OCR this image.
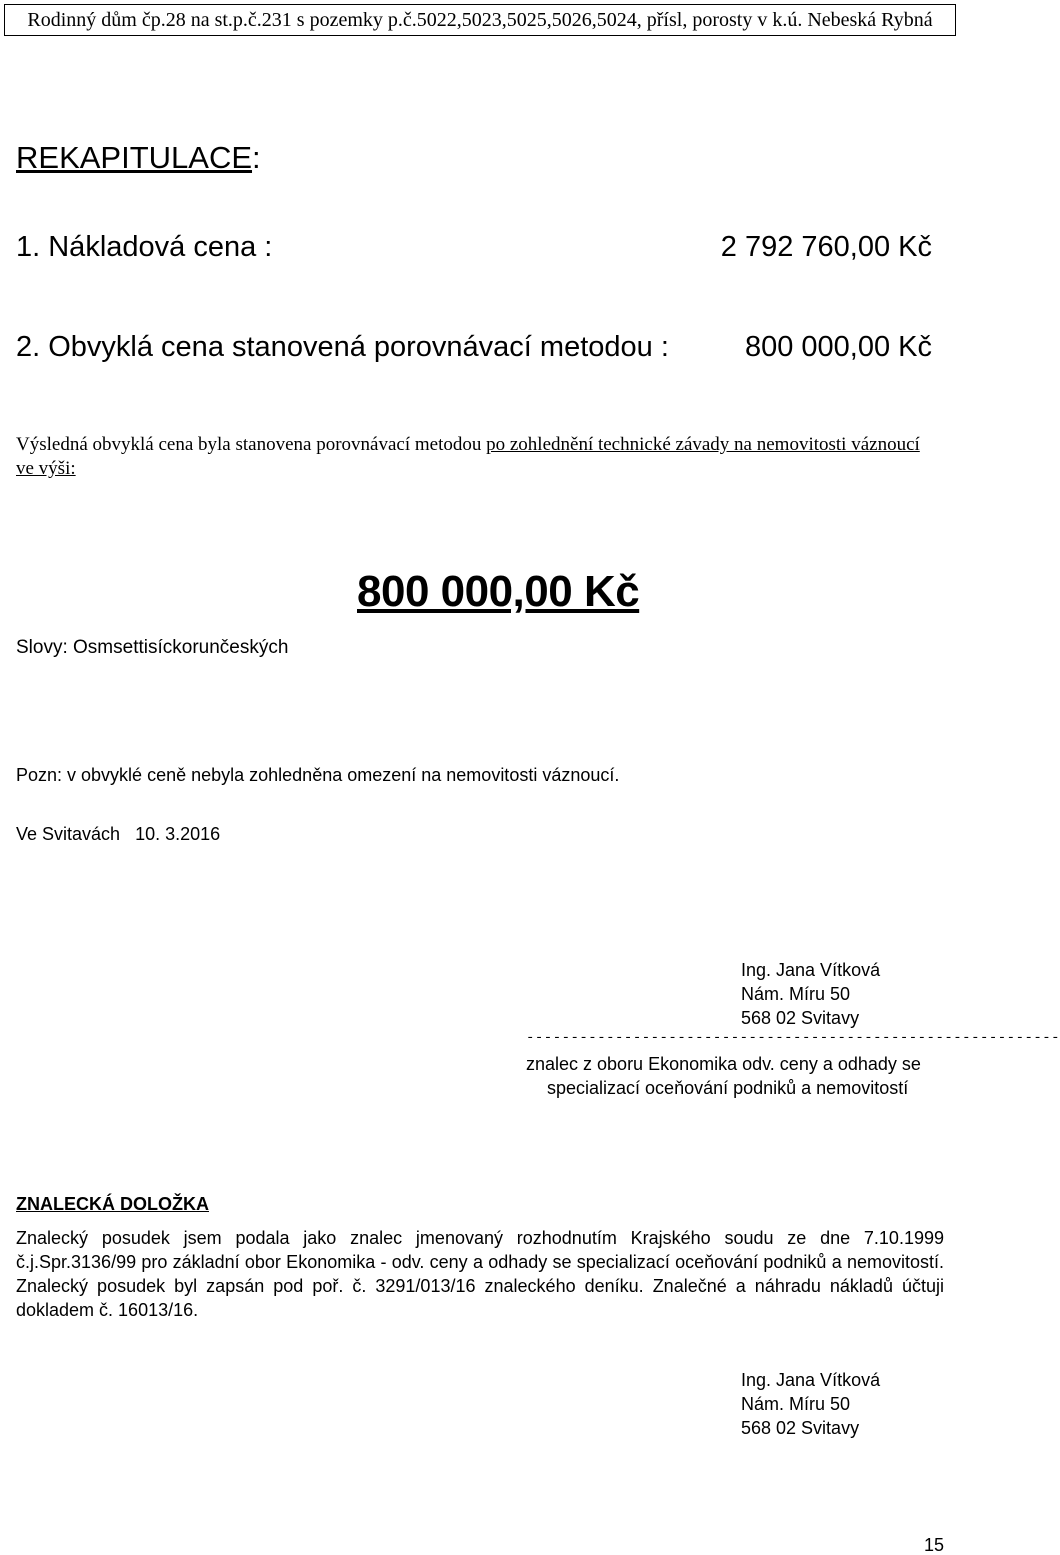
Rodinný dům čp.28 na st.p.č.231 s pozemky p.č.5022,5023,5025,5026,5024, přísl, porosty v k.ú. Nebeská Rybná
REKAPITULACE:
1. Nákladová cena :	2 792 760,00 Kč
2. Obvyklá cena stanovená porovnávací metodou :	800 000,00 Kč
Výsledná obvyklá cena byla stanovena porovnávací metodou po zohlednění technické závady na nemovitosti váznoucí ve výši:
800 000,00 Kč
Slovy: Osmsettisíckorunčeských
Pozn: v obvyklé ceně nebyla zohledněna omezení na nemovitosti váznoucí.
Ve Svitavách   10. 3.2016
Ing. Jana Vítková
Nám. Míru 50
568 02 Svitavy
------------------------------------------------------------
znalec z oboru Ekonomika odv. ceny a odhady se
specializací oceňování podniků a nemovitostí
ZNALECKÁ DOLOŽKA
Znalecký posudek jsem podala jako znalec jmenovaný rozhodnutím Krajského soudu ze dne 7.10.1999 č.j.Spr.3136/99 pro základní obor Ekonomika - odv. ceny a odhady se specializací oceňování podniků a nemovitostí. Znalecký posudek byl zapsán pod poř. č. 3291/013/16 znaleckého deníku. Znalečné a náhradu nákladů účtuji dokladem č. 16013/16.
Ing. Jana Vítková
Nám. Míru 50
568 02 Svitavy
15
